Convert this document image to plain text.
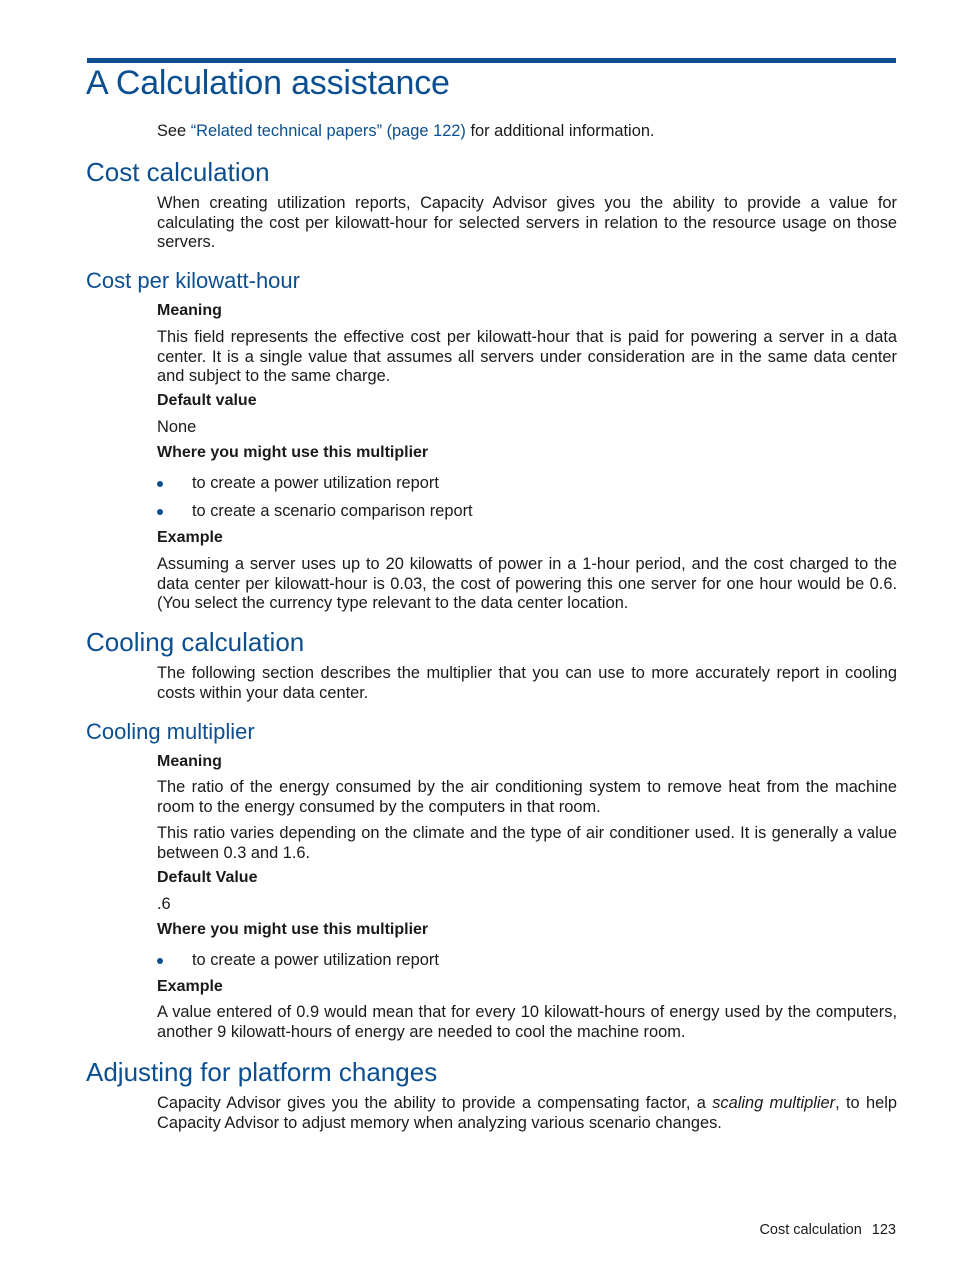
A Calculation assistance

See “Related technical papers” (page 122) for additional information.

Cost calculation

When creating utilization reports, Capacity Advisor gives you the ability to provide a value for calculating the cost per kilowatt-hour for selected servers in relation to the resource usage on those servers.

Cost per kilowatt-hour

Meaning

This field represents the effective cost per kilowatt-hour that is paid for powering a server in a data center. It is a single value that assumes all servers under consideration are in the same data center and subject to the same charge.

Default value

None

Where you might use this multiplier

to create a power utilization report
to create a scenario comparison report

Example

Assuming a server uses up to 20 kilowatts of power in a 1-hour period, and the cost charged to the data center per kilowatt-hour is 0.03, the cost of powering this one server for one hour would be 0.6. (You select the currency type relevant to the data center location.

Cooling calculation

The following section describes the multiplier that you can use to more accurately report in cooling costs within your data center.

Cooling multiplier

Meaning

The ratio of the energy consumed by the air conditioning system to remove heat from the machine room to the energy consumed by the computers in that room.

This ratio varies depending on the climate and the type of air conditioner used. It is generally a value between 0.3 and 1.6.

Default Value

.6

Where you might use this multiplier

to create a power utilization report

Example

A value entered of 0.9 would mean that for every 10 kilowatt-hours of energy used by the computers, another 9 kilowatt-hours of energy are needed to cool the machine room.

Adjusting for platform changes

Capacity Advisor gives you the ability to provide a compensating factor, a scaling multiplier, to help Capacity Advisor to adjust memory when analyzing various scenario changes.

Cost calculation 123
